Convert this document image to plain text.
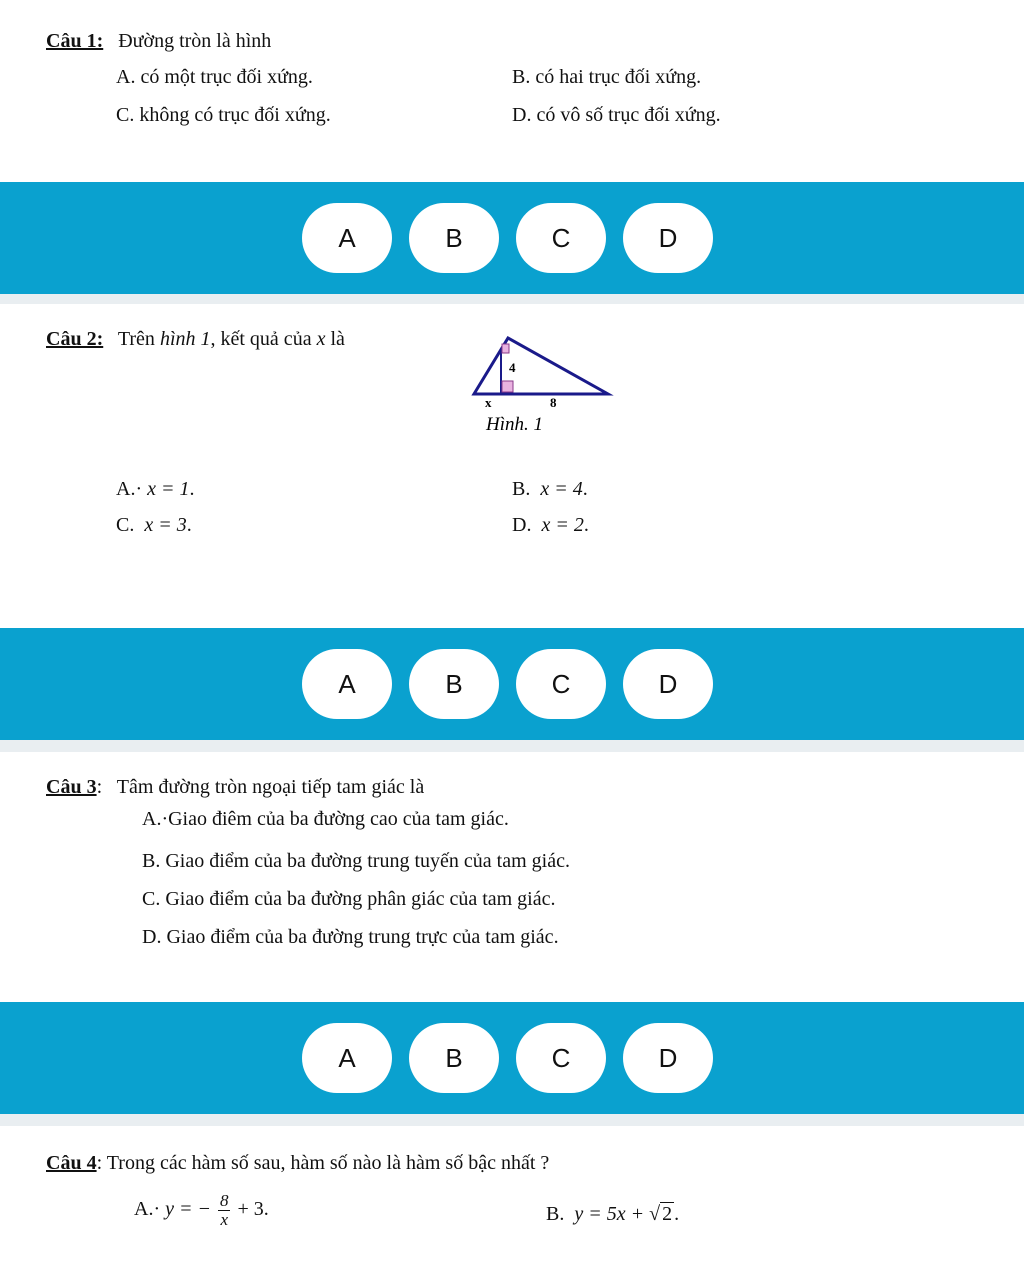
Câu 1: Đường tròn là hình
A. có một trục đối xứng.	B. có hai trục đối xứng.
C. không có trục đối xứng.	D. có vô số trục đối xứng.
A	B	C	D
Câu 2: Trên hình 1, kết quả của x là
4
x	8
Hình. 1
A.· x = 1.	B. x = 4.
C. x = 3.	D. x = 2.
A	B	C	D
Câu 3: Tâm đường tròn ngoại tiếp tam giác là
A.·Giao điêm của ba đường cao của tam giác.
B. Giao điểm của ba đường trung tuyến của tam giác.
C. Giao điểm của ba đường phân giác của tam giác.
D. Giao điểm của ba đường trung trực của tam giác.
A	B	C	D
Câu 4: Trong các hàm số sau, hàm số nào là hàm số bậc nhất ?
A.· y = − $\frac{8}{x} + 3$.	B. y = 5x + √ 2 .
